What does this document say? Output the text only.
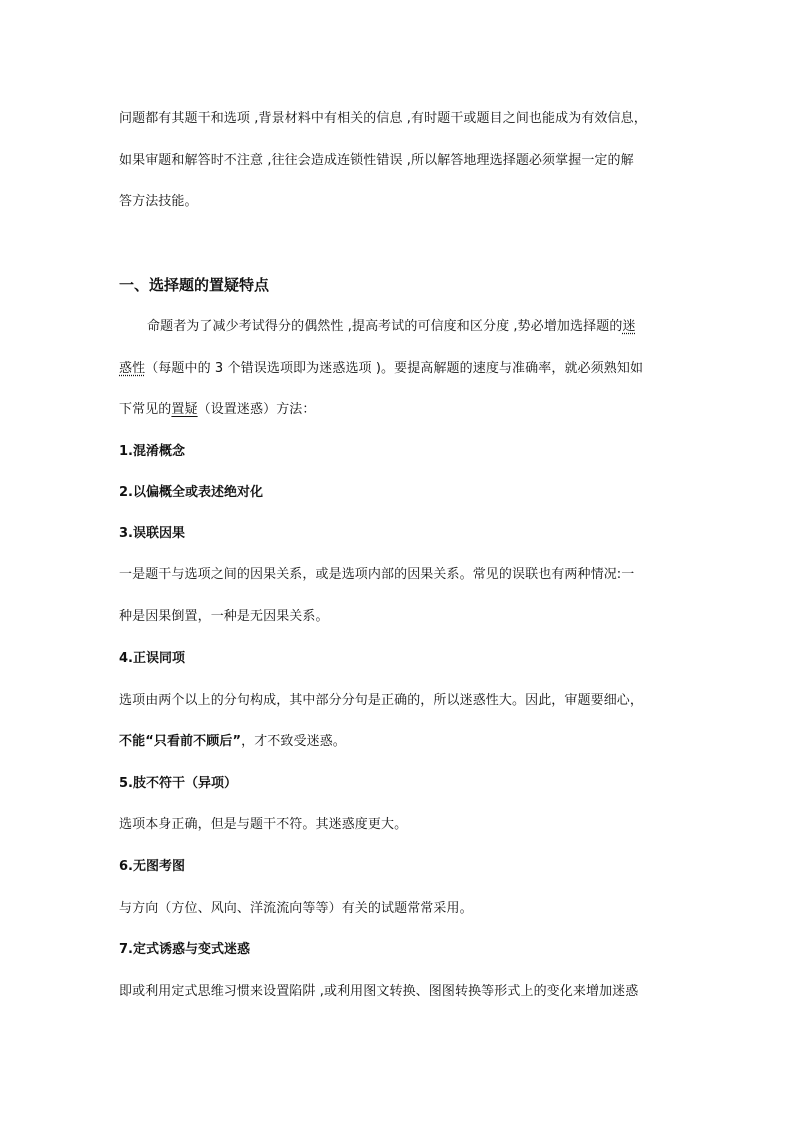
问题都有其题干和选项 ,背景材料中有相关的信息 ,有时题干或题目之间也能成为有效信息，
如果审题和解答时不注意 ,往往会造成连锁性错误 ,所以解答地理选择题必须掌握一定的解
答方法技能。
一、选择题的置疑特点
命题者为了减少考试得分的偶然性 ,提高考试的可信度和区分度 ,势必增加选择题的迷
惑性（每题中的 3 个错误选项即为迷惑选项 )。要提高解题的速度与准确率，就必须熟知如
下常见的置疑（设置迷惑）方法：
1.混淆概念
2.以偏概全或表述绝对化
3.误联因果
一是题干与选项之间的因果关系，或是选项内部的因果关系。常见的误联也有两种情况:一
种是因果倒置，一种是无因果关系。
4.正误同项
选项由两个以上的分句构成，其中部分分句是正确的，所以迷惑性大。因此，审题要细心，
不能“只看前不顾后”，才不致受迷惑。
5.肢不符干（异项）
选项本身正确，但是与题干不符。其迷惑度更大。
6.无图考图
与方向（方位、风向、洋流流向等等）有关的试题常常采用。
7.定式诱惑与变式迷惑
即或利用定式思维习惯来设置陷阱 ,或利用图文转换、图图转换等形式上的变化来增加迷惑
